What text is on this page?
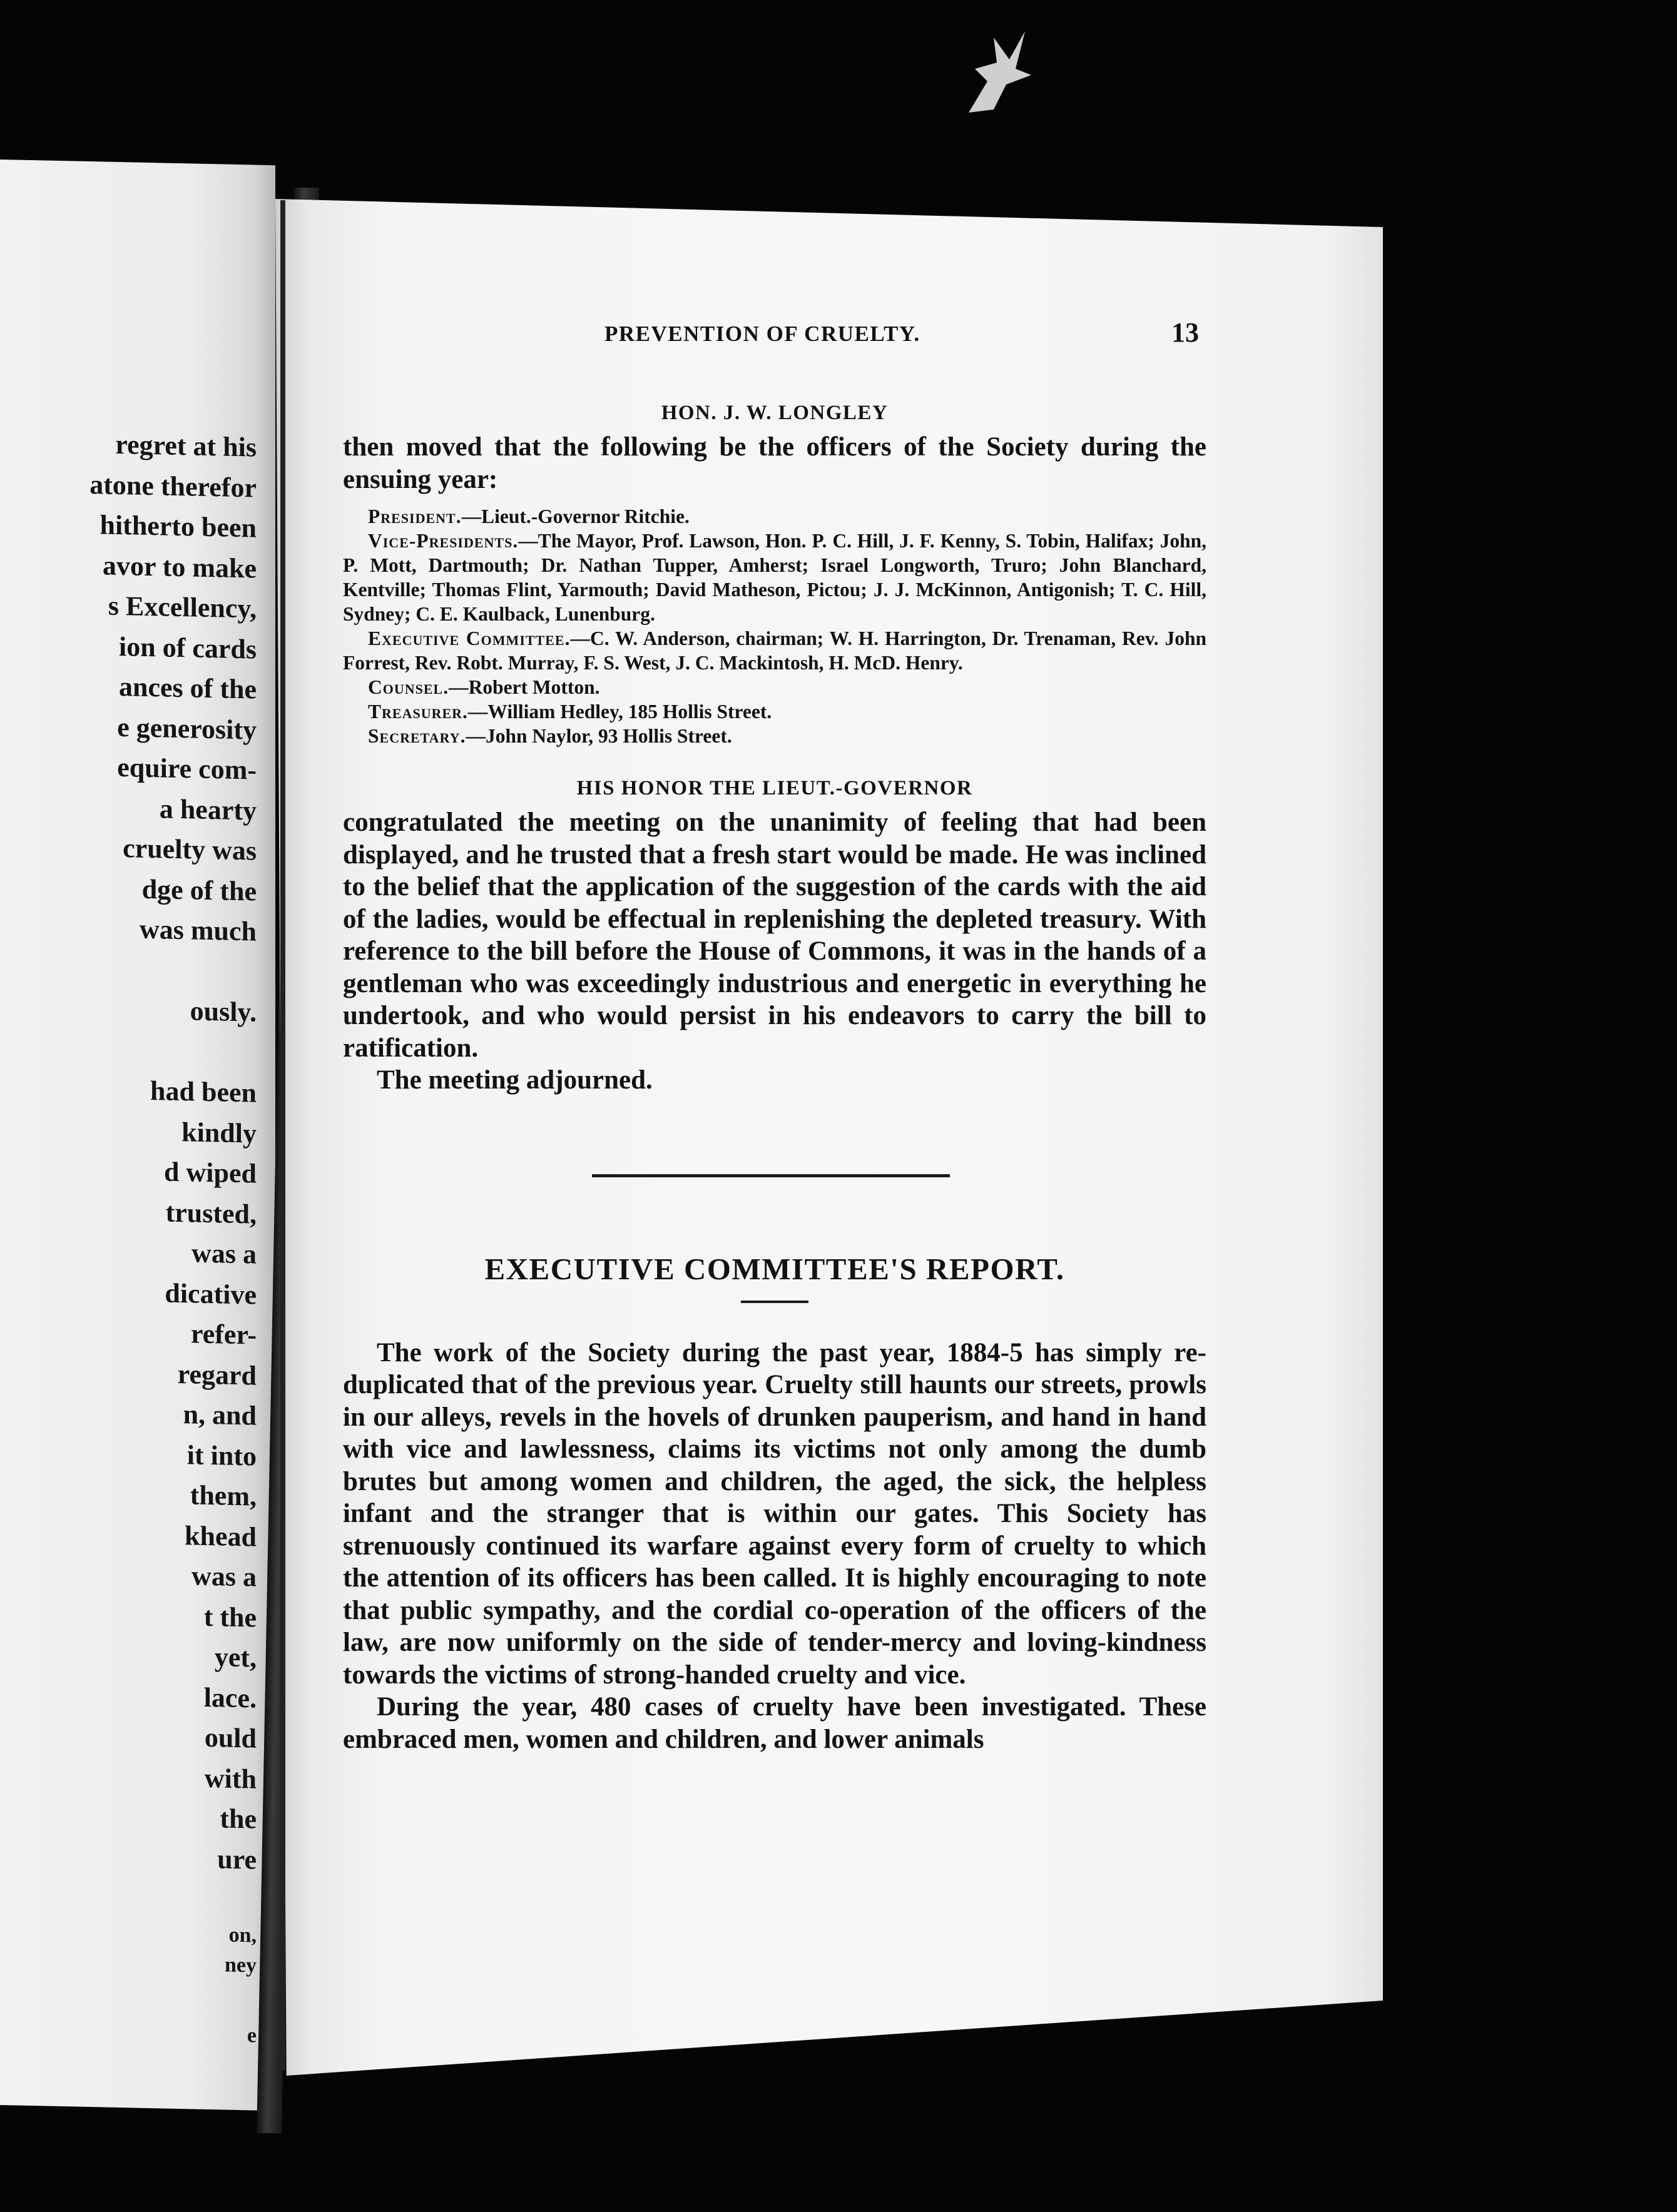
regret at his
atone therefor
hitherto been
avor to make
s Excellency,
ion of cards
ances of the
e generosity
equire com-
a hearty
cruelty was
dge of the
was much
ously.
had been
kindly
d wiped
trusted,
was a
dicative
refer-
regard
n, and
it into
them,
khead
was a
t the
yet,
lace.
ould
with
the
ure
on,
ney
e
PREVENTION OF CRUELTY.	13
HON. J. W. LONGLEY

then moved that the following be the officers of the Society during the ensuing year:

President.—Lieut.-Governor Ritchie.

Vice-Presidents.—The Mayor, Prof. Lawson, Hon. P. C. Hill, J. F. Kenny, S. Tobin, Halifax; John, P. Mott, Dartmouth; Dr. Nathan Tupper, Amherst; Israel Longworth, Truro; John Blanchard, Kentville; Thomas Flint, Yarmouth; David Matheson, Pictou; J. J. McKinnon, Antigonish; T. C. Hill, Sydney; C. E. Kaulback, Lunenburg.

Executive Committee.—C. W. Anderson, chairman; W. H. Harrington, Dr. Trenaman, Rev. John Forrest, Rev. Robt. Murray, F. S. West, J. C. Mackintosh, H. McD. Henry.

Counsel.—Robert Motton.

Treasurer.—William Hedley, 185 Hollis Street.

Secretary.—John Naylor, 93 Hollis Street.

HIS HONOR THE LIEUT.-GOVERNOR

congratulated the meeting on the unanimity of feeling that had been displayed, and he trusted that a fresh start would be made. He was inclined to the belief that the application of the suggestion of the cards with the aid of the ladies, would be effectual in replenishing the depleted treasury. With reference to the bill before the House of Commons, it was in the hands of a gentleman who was exceedingly industrious and energetic in everything he undertook, and who would persist in his endeavors to carry the bill to ratification.

The meeting adjourned.

EXECUTIVE COMMITTEE'S REPORT.

The work of the Society during the past year, 1884-5 has simply re-duplicated that of the previous year. Cruelty still haunts our streets, prowls in our alleys, revels in the hovels of drunken pauperism, and hand in hand with vice and lawlessness, claims its victims not only among the dumb brutes but among women and children, the aged, the sick, the helpless infant and the stranger that is within our gates. This Society has strenuously continued its warfare against every form of cruelty to which the attention of its officers has been called. It is highly encouraging to note that public sympathy, and the cordial co-operation of the officers of the law, are now uniformly on the side of tender-mercy and loving-kindness towards the victims of strong-handed cruelty and vice.

During the year, 480 cases of cruelty have been investigated. These embraced men, women and children, and lower animals
